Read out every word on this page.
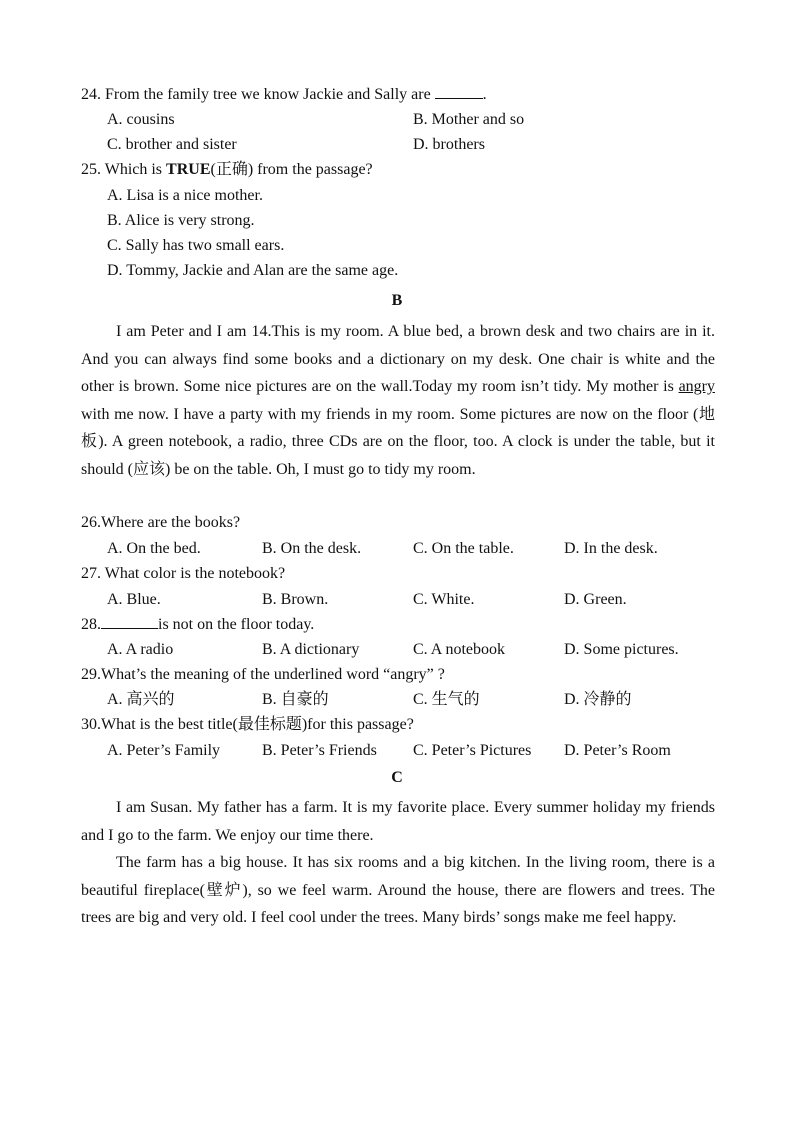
24. From the family tree we know Jackie and Sally are	.
A. cousins	B. Mother and so
C. brother and sister	D. brothers
25. Which is TRUE(正确) from the passage?
A. Lisa is a nice mother.
B. Alice is very strong.
C. Sally has two small ears.
D. Tommy, Jackie and Alan are the same age.
B

I am Peter and I am 14.This is my room. A blue bed, a brown desk and two chairs are in it. And you can always find some books and a dictionary on my desk. One chair is white and the other is brown. Some nice pictures are on the wall.Today my room isn’t tidy. My mother is angry with me now. I have a party with my friends in my room. Some pictures are now on the floor (地板). A green notebook, a radio, three CDs are on the floor, too. A clock is under the table, but it should (应该) be on the table. Oh, I must go to tidy my room.

26.Where are the books?
A. On the bed.	B. On the desk.	C. On the table.	D. In the desk.
27. What color is the notebook?
A. Blue.	B. Brown.	C. White.	D. Green.
28.	is not on the floor today.
A. A radio	B. A dictionary	C. A notebook	D. Some pictures.
29.What’s the meaning of the underlined word “angry” ?
A. 高兴的	B. 自豪的	C. 生气的	D. 冷静的
30.What is the best title(最佳标题)for this passage?
A. Peter’s Family	B. Peter’s Friends C. Peter’s Pictures D. Peter’s Room
C

I am Susan. My father has a farm. It is my favorite place. Every summer holiday my friends and I go to the farm. We enjoy our time there.

The farm has a big house. It has six rooms and a big kitchen. In the living room, there is a beautiful fireplace(壁炉), so we feel warm. Around the house, there are flowers and trees. The trees are big and very old. I feel cool under the trees. Many birds’ songs make me feel happy.
